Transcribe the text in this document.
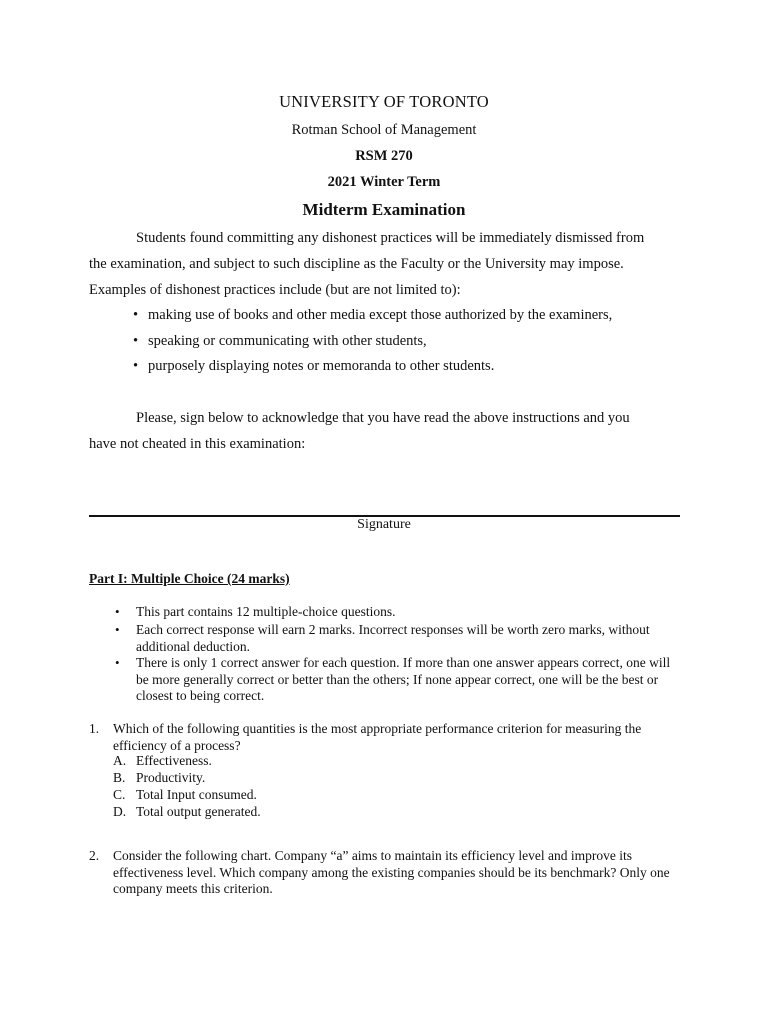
UNIVERSITY OF TORONTO
Rotman School of Management
RSM 270
2021 Winter Term
Midterm Examination
Students found committing any dishonest practices will be immediately dismissed from
the examination, and subject to such discipline as the Faculty or the University may impose.
Examples of dishonest practices include (but are not limited to):
• making use of books and other media except those authorized by the examiners,
• speaking or communicating with other students,
• purposely displaying notes or memoranda to other students.
Please, sign below to acknowledge that you have read the above instructions and you
have not cheated in this examination:
Signature
Part I: Multiple Choice (24 marks)
• This part contains 12 multiple-choice questions.
• Each correct response will earn 2 marks. Incorrect responses will be worth zero marks, without additional deduction.
• There is only 1 correct answer for each question. If more than one answer appears correct, one will be more generally correct or better than the others; If none appear correct, one will be the best or closest to being correct.
1. Which of the following quantities is the most appropriate performance criterion for measuring the efficiency of a process?
A. Effectiveness.
B. Productivity.
C. Total Input consumed.
D. Total output generated.
2. Consider the following chart. Company “a” aims to maintain its efficiency level and improve its effectiveness level. Which company among the existing companies should be its benchmark? Only one company meets this criterion.
